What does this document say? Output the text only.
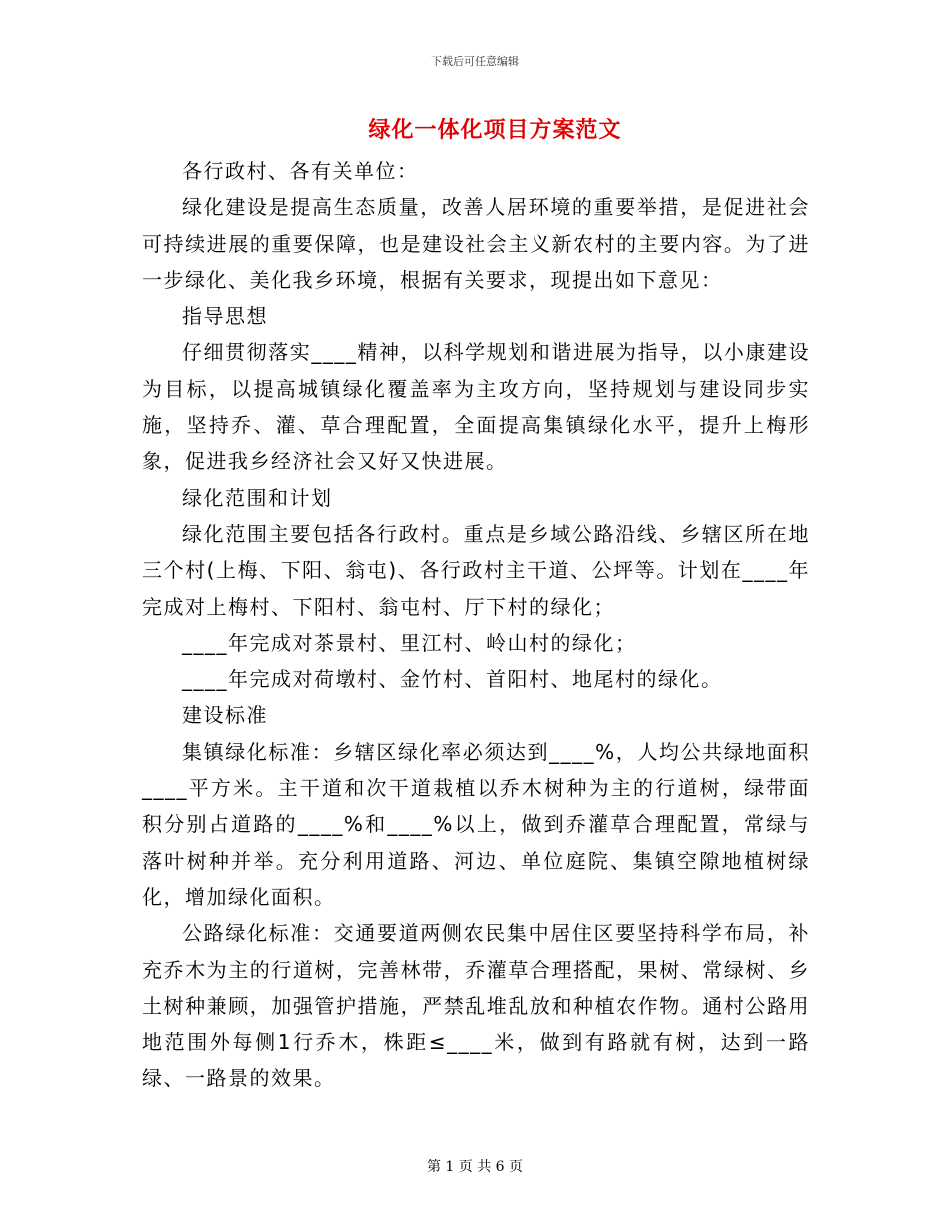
下载后可任意编辑
绿化一体化项目方案范文

各行政村、各有关单位：

绿化建设是提高生态质量，改善人居环境的重要举措，是促进社会可持续进展的重要保障，也是建设社会主义新农村的主要内容。为了进一步绿化、美化我乡环境，根据有关要求，现提出如下意见：

指导思想

仔细贯彻落实____精神，以科学规划和谐进展为指导，以小康建设为目标，以提高城镇绿化覆盖率为主攻方向，坚持规划与建设同步实施，坚持乔、灌、草合理配置，全面提高集镇绿化水平，提升上梅形象，促进我乡经济社会又好又快进展。

绿化范围和计划

绿化范围主要包括各行政村。重点是乡域公路沿线、乡辖区所在地三个村(上梅、下阳、翁屯)、各行政村主干道、公坪等。计划在____年完成对上梅村、下阳村、翁屯村、厅下村的绿化；

____年完成对茶景村、里江村、岭山村的绿化；

____年完成对荷墩村、金竹村、首阳村、地尾村的绿化。

建设标准

集镇绿化标准：乡辖区绿化率必须达到____%，人均公共绿地面积____平方米。主干道和次干道栽植以乔木树种为主的行道树，绿带面积分别占道路的____%和____%以上，做到乔灌草合理配置，常绿与落叶树种并举。充分利用道路、河边、单位庭院、集镇空隙地植树绿化，增加绿化面积。

公路绿化标准：交通要道两侧农民集中居住区要坚持科学布局，补充乔木为主的行道树，完善林带，乔灌草合理搭配，果树、常绿树、乡土树种兼顾，加强管护措施，严禁乱堆乱放和种植农作物。通村公路用地范围外每侧1行乔木，株距≤____米，做到有路就有树，达到一路绿、一路景的效果。

第 1 页 共 6 页
